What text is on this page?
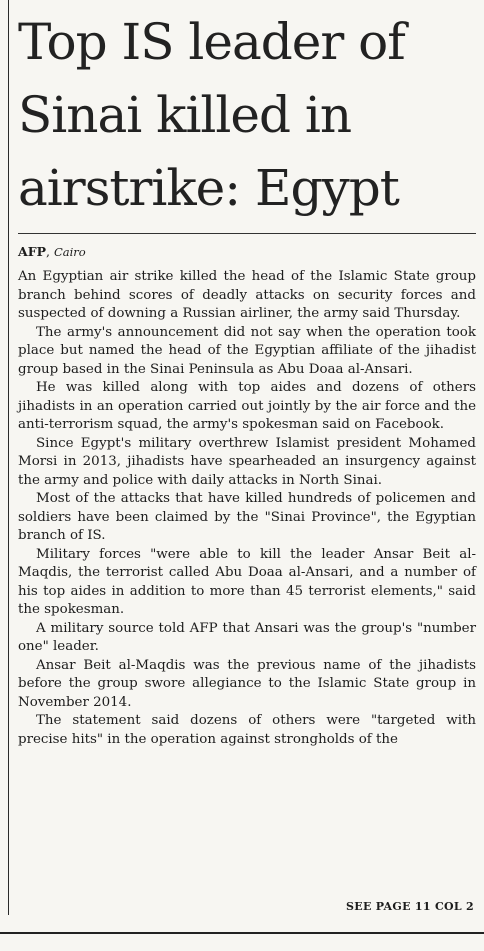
Top IS leader of
Sinai killed in
airstrike: Egypt
AFP, Cairo

An Egyptian air strike killed the head of the Islamic State group branch behind scores of deadly attacks on security forces and suspected of downing a Russian airliner, the army said Thursday.

The army's announcement did not say when the operation took place but named the head of the Egyptian affiliate of the jihadist group based in the Sinai Peninsula as Abu Doaa al-Ansari.

He was killed along with top aides and dozens of others jihadists in an operation carried out jointly by the air force and the anti-terrorism squad, the army's spokesman said on Facebook.

Since Egypt's military overthrew Islamist president Mohamed Morsi in 2013, jihadists have spearheaded an insurgency against the army and police with daily attacks in North Sinai.

Most of the attacks that have killed hundreds of policemen and soldiers have been claimed by the "Sinai Province", the Egyptian branch of IS.

Military forces "were able to kill the leader Ansar Beit al-Maqdis, the terrorist called Abu Doaa al-Ansari, and a number of his top aides in addition to more than 45 terrorist elements," said the spokesman.

A military source told AFP that Ansari was the group's "number one" leader.

Ansar Beit al-Maqdis was the previous name of the jihadists before the group swore allegiance to the Islamic State group in November 2014.

The statement said dozens of others were "targeted with precise hits" in the operation against strongholds of the

SEE PAGE 11 COL 2
